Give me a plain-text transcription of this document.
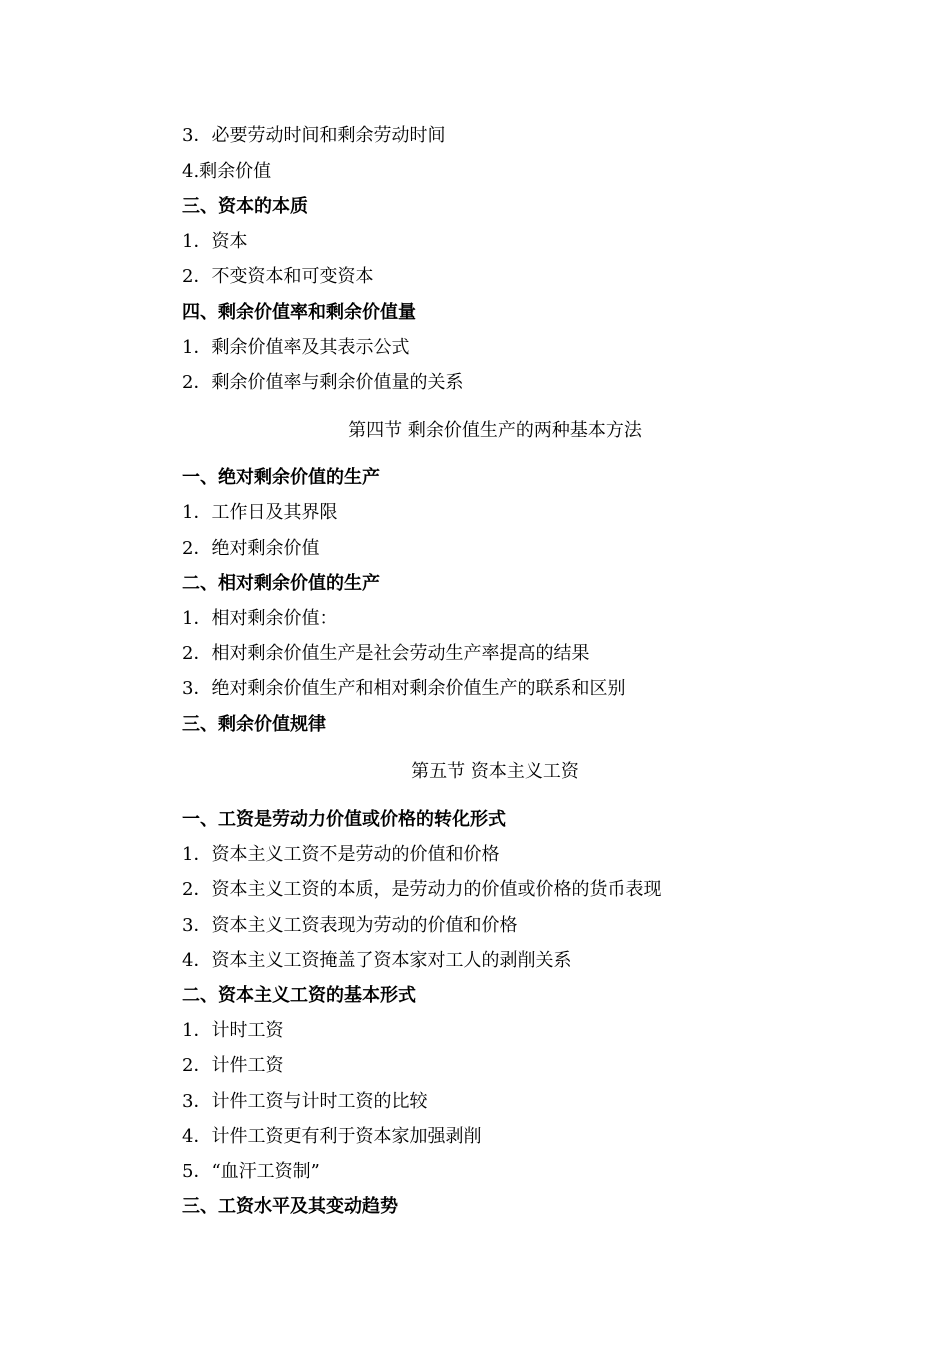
3．必要劳动时间和剩余劳动时间
4.剩余价值
三、资本的本质
1．资本
2．不变资本和可变资本
四、剩余价值率和剩余价值量
1．剩余价值率及其表示公式
2．剩余价值率与剩余价值量的关系
第四节 剩余价值生产的两种基本方法
一、绝对剩余价值的生产
1．工作日及其界限
2．绝对剩余价值
二、相对剩余价值的生产
1．相对剩余价值：
2．相对剩余价值生产是社会劳动生产率提高的结果
3．绝对剩余价值生产和相对剩余价值生产的联系和区别
三、剩余价值规律
第五节 资本主义工资
一、工资是劳动力价值或价格的转化形式
1．资本主义工资不是劳动的价值和价格
2．资本主义工资的本质，是劳动力的价值或价格的货币表现
3．资本主义工资表现为劳动的价值和价格
4．资本主义工资掩盖了资本家对工人的剥削关系
二、资本主义工资的基本形式
1．计时工资
2．计件工资
3．计件工资与计时工资的比较
4．计件工资更有利于资本家加强剥削
5．“血汗工资制”
三、工资水平及其变动趋势
